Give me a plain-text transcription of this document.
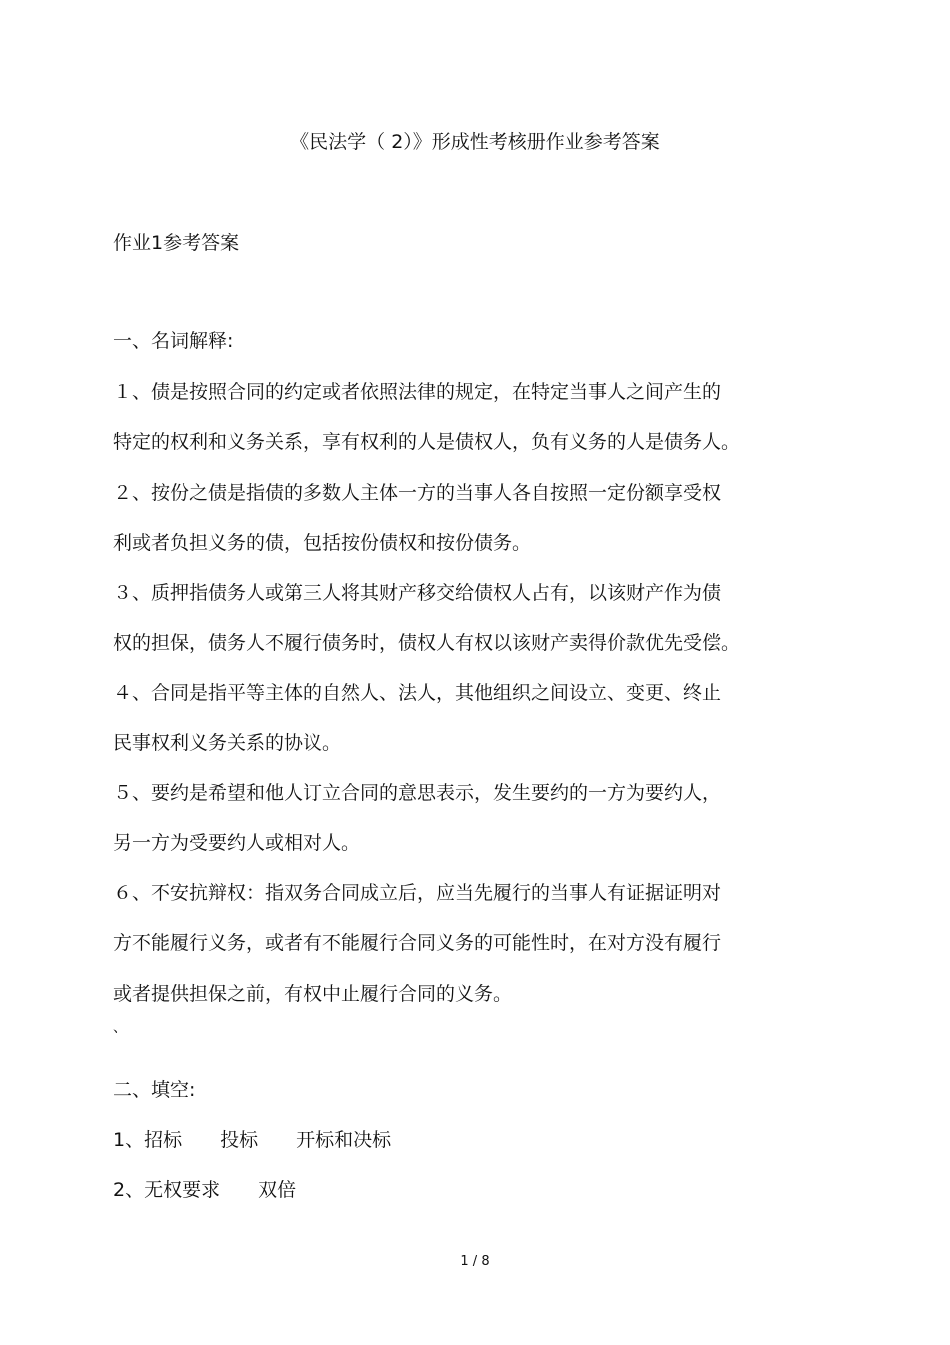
《民法学（ 2）》形成性考核册作业参考答案
作业1参考答案
一、名词解释:
１、债是按照合同的约定或者依照法律的规定，在特定当事人之间产生的
特定的权利和义务关系，享有权利的人是债权人，负有义务的人是债务人。
２、按份之债是指债的多数人主体一方的当事人各自按照一定份额享受权
利或者负担义务的债，包括按份债权和按份债务。
３、质押指债务人或第三人将其财产移交给债权人占有，以该财产作为债
权的担保，债务人不履行债务时，债权人有权以该财产卖得价款优先受偿。
４、合同是指平等主体的自然人、法人，其他组织之间设立、变更、终止
民事权利义务关系的协议。
５、要约是希望和他人订立合同的意思表示，发生要约的一方为要约人，
另一方为受要约人或相对人。
６、不安抗辩权：指双务合同成立后，应当先履行的当事人有证据证明对
方不能履行义务，或者有不能履行合同义务的可能性时，在对方没有履行
或者提供担保之前，有权中止履行合同的义务。
、
二、填空:
1、招标 投标 开标和决标
2、无权要求 双倍
1 / 8
